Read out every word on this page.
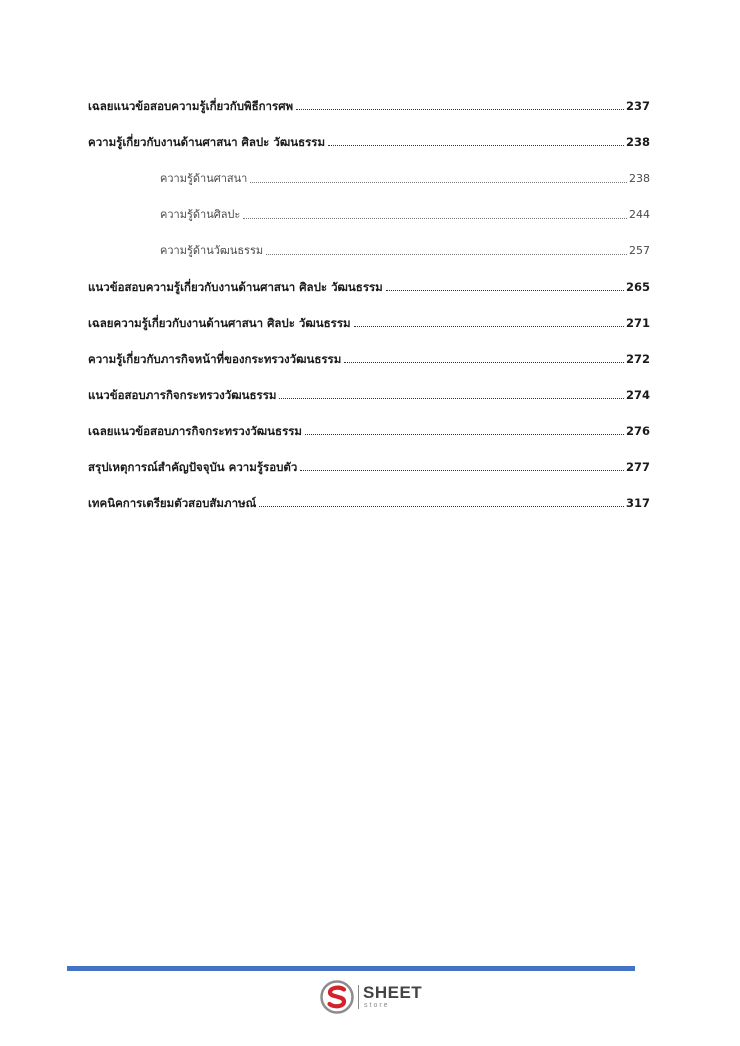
เฉลยแนวข้อสอบความรู้เกี่ยวกับพิธีการศพ	237
ความรู้เกี่ยวกับงานด้านศาสนา ศิลปะ วัฒนธรรม	238
ความรู้ด้านศาสนา	238
ความรู้ด้านศิลปะ	244
ความรู้ด้านวัฒนธรรม	257
แนวข้อสอบความรู้เกี่ยวกับงานด้านศาสนา ศิลปะ วัฒนธรรม	265
เฉลยความรู้เกี่ยวกับงานด้านศาสนา ศิลปะ วัฒนธรรม	271
ความรู้เกี่ยวกับภารกิจหน้าที่ของกระทรวงวัฒนธรรม	272
แนวข้อสอบภารกิจกระทรวงวัฒนธรรม	274
เฉลยแนวข้อสอบภารกิจกระทรวงวัฒนธรรม	276
สรุปเหตุการณ์สำคัญปัจจุบัน ความรู้รอบตัว	277
เทคนิคการเตรียมตัวสอบสัมภาษณ์	317
SHEET
store
